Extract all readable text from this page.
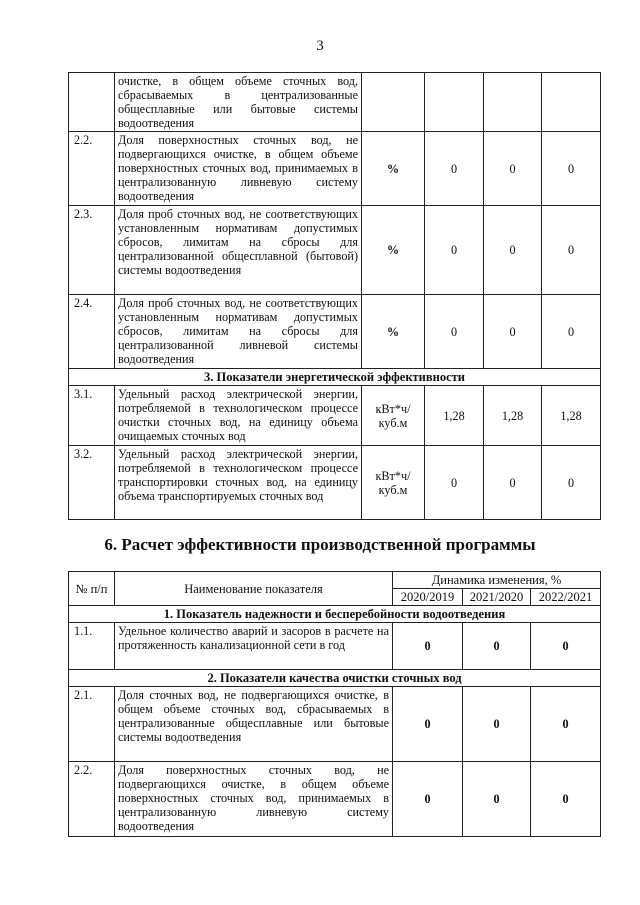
3
	очистке, в общем объеме сточных вод, сбрасываемых в централизованные общесплавные или бытовые системы водоотведения				
2.2.	Доля поверхностных сточных вод, не подвергающихся очистке, в общем объеме поверхностных сточных вод, принимаемых в централизованную ливневую систему водоотведения	%	0	0	0
2.3.	Доля проб сточных вод, не соответствующих установленным нормативам допустимых сбросов, лимитам на сбросы для централизованной общесплавной (бытовой) системы водоотведения	%	0	0	0
2.4.	Доля проб сточных вод, не соответствующих установленным нормативам допустимых сбросов, лимитам на сбросы для централизованной ливневой системы водоотведения	%	0	0	0
3. Показатели энергетической эффективности					
3.1.	Удельный расход электрической энергии, потребляемой в технологическом процессе очистки сточных вод, на единицу объема очищаемых сточных вод	кВт*ч/ куб.м	1,28	1,28	1,28
3.2.	Удельный расход электрической энергии, потребляемой в технологическом процессе транспортировки сточных вод, на единицу объема транспортируемых сточных вод	кВт*ч/ куб.м	0	0	0
6. Расчет эффективности производственной программы
№ п/п	Наименование показателя	Динамика изменения, %		
		2020/2019	2021/2020	2022/2021
1. Показатель надежности и бесперебойности водоотведения				
1.1.	Удельное количество аварий и засоров в расчете на протяженность канализационной сети в год	0	0	0
2. Показатели качества очистки сточных вод				
2.1.	Доля сточных вод, не подвергающихся очистке, в общем объеме сточных вод, сбрасываемых в централизованные общесплавные или бытовые системы водоотведения	0	0	0
2.2.	Доля поверхностных сточных вод, не подвергающихся очистке, в общем объеме поверхностных сточных вод, принимаемых в централизованную ливневую систему водоотведения	0	0	0
